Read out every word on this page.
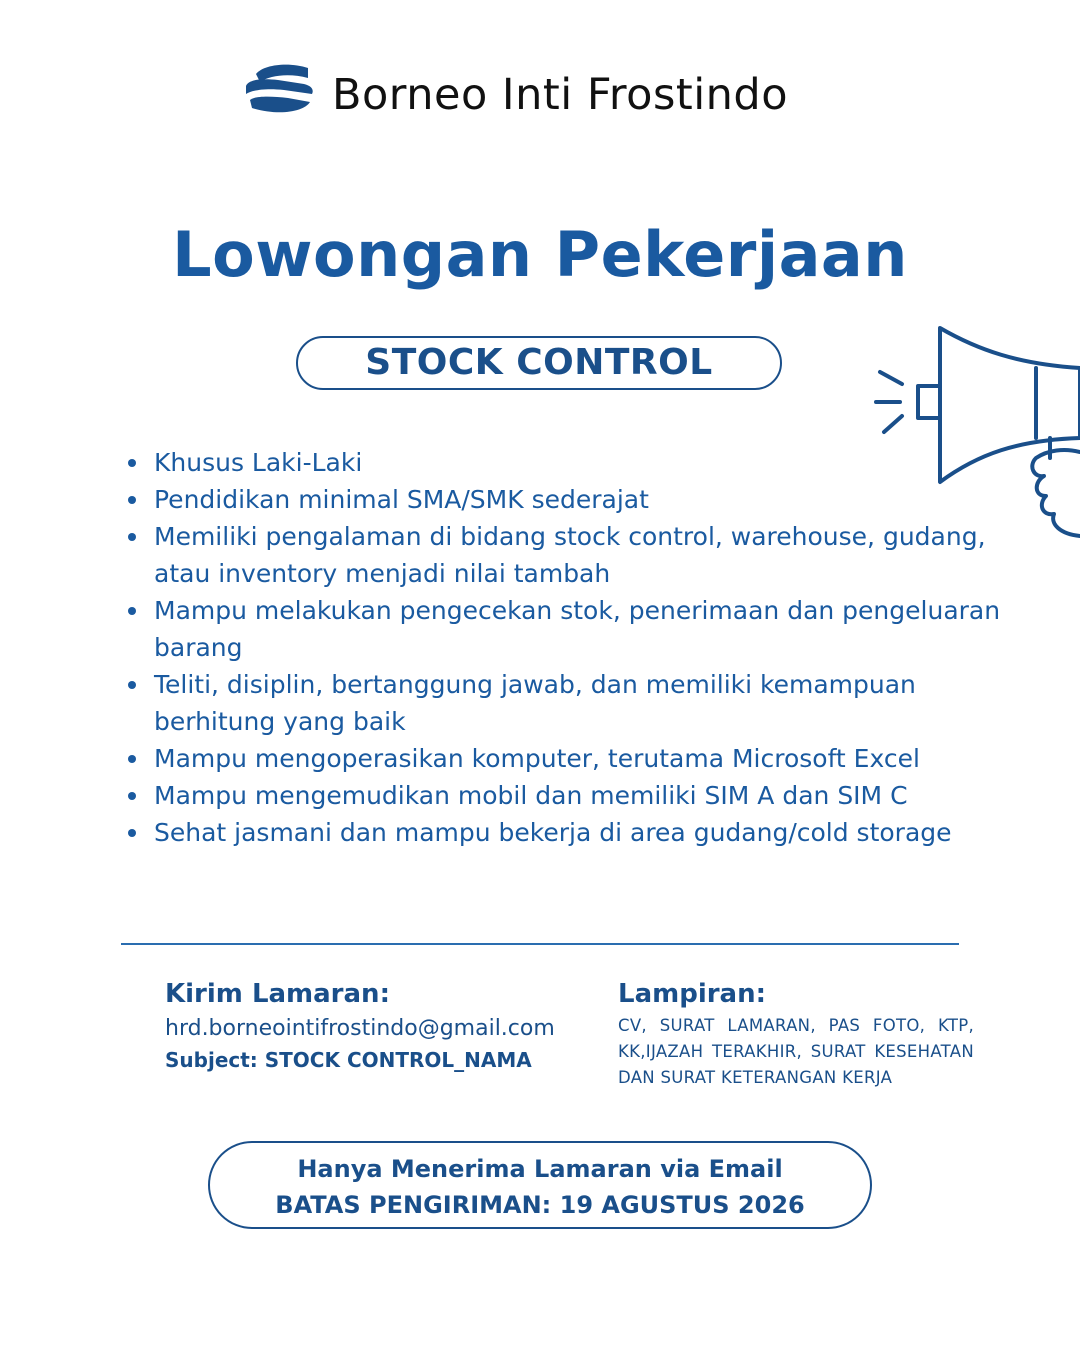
Borneo Inti Frostindo
Lowongan Pekerjaan
STOCK CONTROL
Khusus Laki-Laki
Pendidikan minimal SMA/SMK sederajat
Memiliki pengalaman di bidang stock control, warehouse, gudang, atau inventory menjadi nilai tambah
Mampu melakukan pengecekan stok, penerimaan dan pengeluaran barang
Teliti, disiplin, bertanggung jawab, dan memiliki kemampuan berhitung yang baik
Mampu mengoperasikan komputer, terutama Microsoft Excel
Mampu mengemudikan mobil dan memiliki SIM A dan SIM C
Sehat jasmani dan mampu bekerja di area gudang/cold storage
Kirim Lamaran:
hrd.borneointifrostindo@gmail.com
Subject: STOCK CONTROL_NAMA
Lampiran:
CV, SURAT LAMARAN, PAS FOTO, KTP, KK,IJAZAH TERAKHIR, SURAT KESEHATAN DAN SURAT KETERANGAN KERJA
Hanya Menerima Lamaran via Email
BATAS PENGIRIMAN: 19 AGUSTUS 2026
